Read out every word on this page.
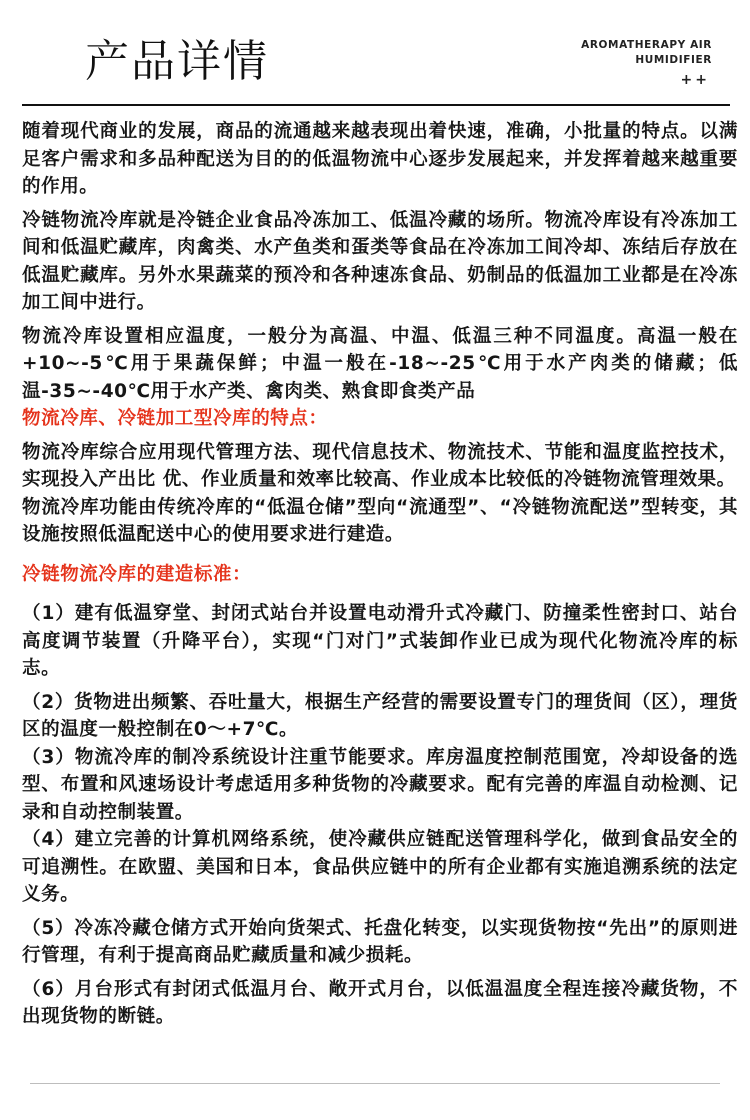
产品详情	AROMATHERAPY AIR
HUMIDIFIER
++

随着现代商业的发展，商品的流通越来越表现出着快速，准确，小批量的特点。以满足客户需求和多品种配送为目的的低温物流中心逐步发展起来，并发挥着越来越重要的作用。

冷链物流冷库就是冷链企业食品冷冻加工、低温冷藏的场所。物流冷库设有冷冻加工间和低温贮藏库，肉禽类、水产鱼类和蛋类等食品在冷冻加工间冷却、冻结后存放在低温贮藏库。另外水果蔬菜的预冷和各种速冻食品、奶制品的低温加工业都是在冷冻加工间中进行。

物流冷库设置相应温度，一般分为高温、中温、低温三种不同温度。高温一般在+10~-5℃用于果蔬保鲜；中温一般在-18~-25℃用于水产肉类的储藏；低温-35~-40℃用于水产类、禽肉类、熟食即食类产品

物流冷库、冷链加工型冷库的特点：

物流冷库综合应用现代管理方法、现代信息技术、物流技术、节能和温度监控技术，实现投入产出比 优、作业质量和效率比较高、作业成本比较低的冷链物流管理效果。

物流冷库功能由传统冷库的“低温仓储”型向“流通型”、“冷链物流配送”型转变，其设施按照低温配送中心的使用要求进行建造。

冷链物流冷库的建造标准：

（1）建有低温穿堂、封闭式站台并设置电动滑升式冷藏门、防撞柔性密封口、站台高度调节装置（升降平台），实现“门对门”式装卸作业已成为现代化物流冷库的标志。

（2）货物进出频繁、吞吐量大，根据生产经营的需要设置专门的理货间（区），理货区的温度一般控制在0～+7℃。

（3）物流冷库的制冷系统设计注重节能要求。库房温度控制范围宽，冷却设备的选型、布置和风速场设计考虑适用多种货物的冷藏要求。配有完善的库温自动检测、记录和自动控制装置。

（4）建立完善的计算机网络系统，使冷藏供应链配送管理科学化，做到食品安全的可追溯性。在欧盟、美国和日本，食品供应链中的所有企业都有实施追溯系统的法定义务。

（5）冷冻冷藏仓储方式开始向货架式、托盘化转变，以实现货物按“先出”的原则进行管理，有利于提高商品贮藏质量和减少损耗。

（6）月台形式有封闭式低温月台、敞开式月台，以低温温度全程连接冷藏货物，不出现货物的断链。
